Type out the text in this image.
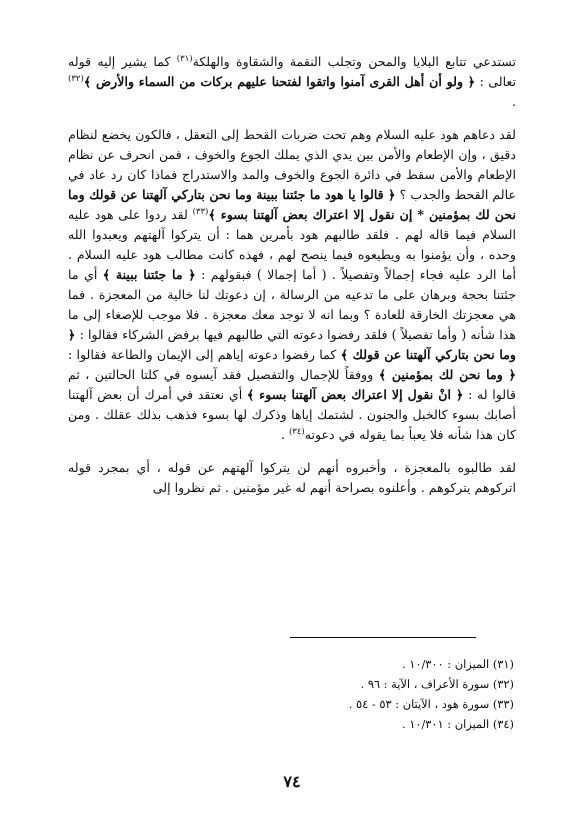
تستدعي تتابع البلايا والمحن وتجلب النقمة والشقاوة والهلكة$^{(٣١)}$ كما يشير إليه قوله تعالى : ﴿ ولو أن أهل القرى آمنوا واتقوا لفتحنا عليهم بركات من السماء والأرض ﴾$^{(٣٢)}$ .

لقد دعاهم هود عليه السلام وهم تحت ضربات القحط إلى التعقل ، فالكون يخضع لنظام دقيق ، وإن الإطعام والأمن بين يدي الذي يملك الجوع والخوف ، فمن انحرف عن نظام الإطعام والأمن سقط في دائرة الجوع والخوف والمد والاستدراج فماذا كان رد عاد في عالم القحط والجدب ؟ ﴿ قالوا يا هود ما جئتنا ببينة وما نحن بتاركي آلهتنا عن قولك وما نحن لك بمؤمنين * إن نقول إلا اعتراك بعض آلهتنا بسوء ﴾$^{(٣٣)}$ لقد ردوا على هود عليه السلام فيما قاله لهم . فلقد طالبهم هود بأمرين هما : أن يتركوا آلهتهم ويعبدوا الله وحده ، وأن يؤمنوا به ويطيعوه فيما ينصح لهم ، فهذه كانت مطالب هود عليه السلام . أما الرد عليه فجاء إجمالاً وتفصيلاً . ( أما إجمالا ) فبقولهم : ﴿ ما جئتنا ببينة ﴾ أي ما جئتنا بحجة وبرهان على ما تدعيه من الرسالة ، إن دعوتك لنا خالية من المعجزة . فما هي معجزتك الخارقة للعادة ؟ وبما انه لا توجد معك معجزة . فلا موجب للإصغاء إلى ما هذا شأنه ( وأما تفصيلاً ) فلقد رفضوا دعوته التي طالبهم فيها برفض الشركاء فقالوا : ﴿ وما نحن بتاركي آلهتنا عن قولك ﴾ كما رفضوا دعوته إياهم إلى الإيمان والطاعة فقالوا : ﴿ وما نحن لك بمؤمنين ﴾ ووفقاً للإجمال والتفصيل فقد آيسوه في كلتا الحالتين ، ثم قالوا له : ﴿ انْ نقول إلا اعتراك بعض آلهتنا بسوء ﴾ أي نعتقد في أمرك أن بعض آلهتنا أصابك بسوء كالخبل والجنون . لشتمك إياها وذكرك لها بسوء فذهب بذلك عقلك . ومن كان هذا شأنه فلا يعبأ بما يقوله في دعوته$^{(٣٤)}$ .

لقد طالبوه بالمعجزة ، وأخبروه أنهم لن يتركوا آلهتهم عن قوله ، أي بمجرد قوله اتركوهم يتركوهم . وأعلنوه بصراحة أنهم له غير مؤمنين . ثم نظروا إلى

(٣١) الميزان : ١٠/٣٠٠ .
(٣٢) سورة الأعراف ، الآية : ٩٦ .
(٣٣) سورة هود ، الآيتان : ٥٣ - ٥٤ .
(٣٤) الميزان : ١٠/٣٠١ .
٧٤
